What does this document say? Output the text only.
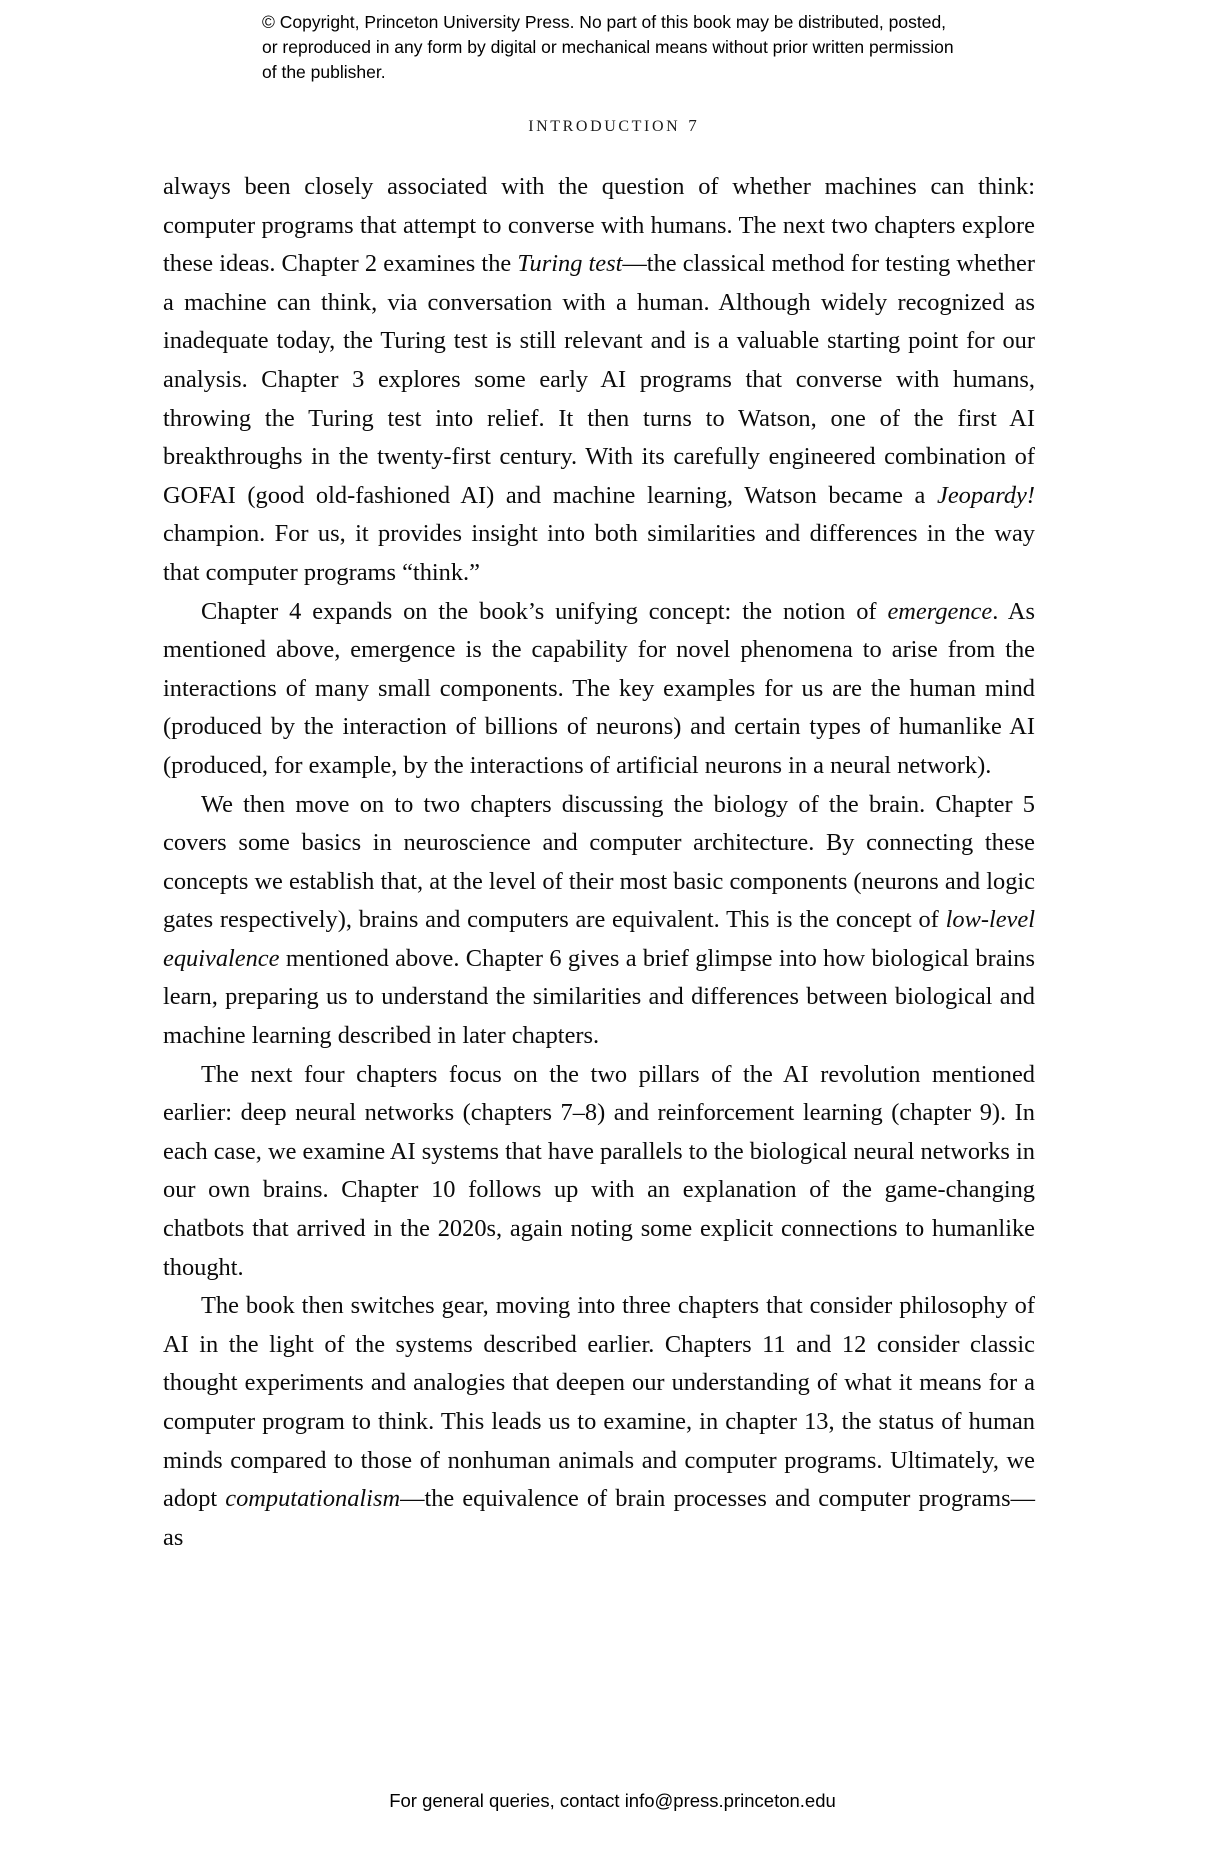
© Copyright, Princeton University Press. No part of this book may be distributed, posted, or reproduced in any form by digital or mechanical means without prior written permission of the publisher.
INTRODUCTION 7

always been closely associated with the question of whether machines can think: computer programs that attempt to converse with humans. The next two chapters explore these ideas. Chapter 2 examines the Turing test—the classical method for testing whether a machine can think, via conversation with a human. Although widely recognized as inadequate today, the Turing test is still relevant and is a valuable starting point for our analysis. Chapter 3 explores some early AI programs that converse with humans, throwing the Turing test into relief. It then turns to Watson, one of the first AI breakthroughs in the twenty-first century. With its carefully engineered combination of GOFAI (good old-fashioned AI) and machine learning, Watson became a Jeopardy! champion. For us, it provides insight into both similarities and differences in the way that computer programs “think.”

Chapter 4 expands on the book’s unifying concept: the notion of emergence. As mentioned above, emergence is the capability for novel phenomena to arise from the interactions of many small components. The key examples for us are the human mind (produced by the interaction of billions of neurons) and certain types of humanlike AI (produced, for example, by the interactions of artificial neurons in a neural network).

We then move on to two chapters discussing the biology of the brain. Chapter 5 covers some basics in neuroscience and computer architecture. By connecting these concepts we establish that, at the level of their most basic components (neurons and logic gates respectively), brains and computers are equivalent. This is the concept of low-level equivalence mentioned above. Chapter 6 gives a brief glimpse into how biological brains learn, preparing us to understand the similarities and differences between biological and machine learning described in later chapters.

The next four chapters focus on the two pillars of the AI revolution mentioned earlier: deep neural networks (chapters 7–8) and reinforcement learning (chapter 9). In each case, we examine AI systems that have parallels to the biological neural networks in our own brains. Chapter 10 follows up with an explanation of the game-changing chatbots that arrived in the 2020s, again noting some explicit connections to humanlike thought.

The book then switches gear, moving into three chapters that consider philosophy of AI in the light of the systems described earlier. Chapters 11 and 12 consider classic thought experiments and analogies that deepen our understanding of what it means for a computer program to think. This leads us to examine, in chapter 13, the status of human minds compared to those of nonhuman animals and computer programs. Ultimately, we adopt computationalism—the equivalence of brain processes and computer programs—as

For general queries, contact info@press.princeton.edu
